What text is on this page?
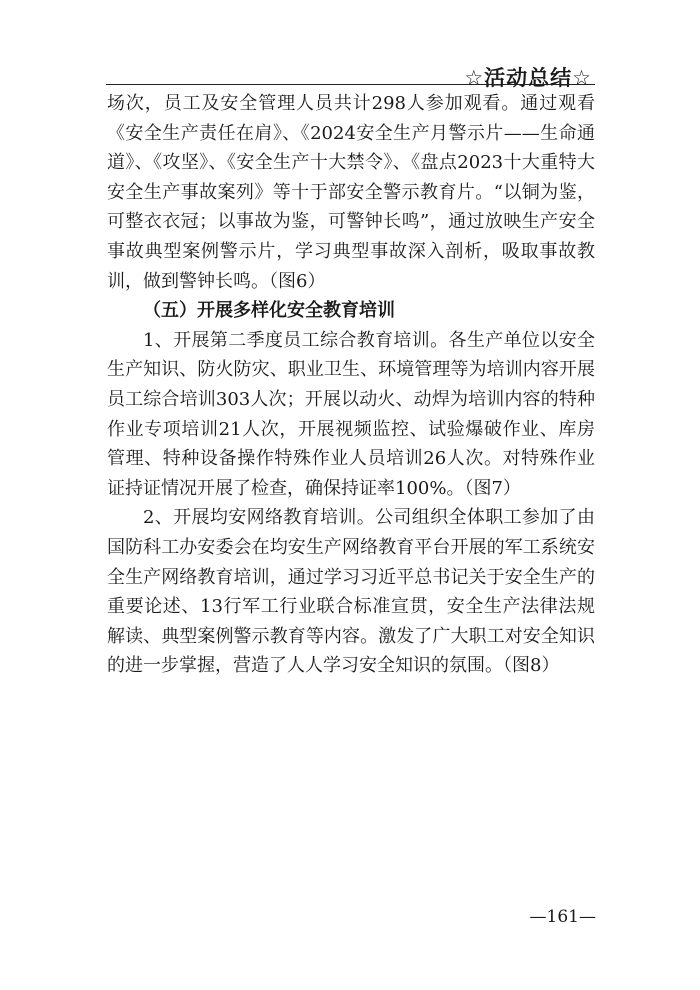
☆活动总结☆

场次，员工及安全管理人员共计298人参加观看。通过观看《安全生产责任在肩》、《2024安全生产月警示片——生命通道》、《攻坚》、《安全生产十大禁令》、《盘点2023十大重特大安全生产事故案列》等十于部安全警示教育片。“以铜为鉴，可整衣衣冠；以事故为鉴，可警钟长鸣”，通过放映生产安全事故典型案例警示片，学习典型事故深入剖析，吸取事故教训，做到警钟长鸣。（图6）

（五）开展多样化安全教育培训

1、开展第二季度员工综合教育培训。各生产单位以安全生产知识、防火防灾、职业卫生、环境管理等为培训内容开展员工综合培训303人次；开展以动火、动焊为培训内容的特种作业专项培训21人次，开展视频监控、试验爆破作业、库房管理、特种设备操作特殊作业人员培训26人次。对特殊作业证持证情况开展了检查，确保持证率100%。（图7）

2、开展均安网络教育培训。公司组织全体职工参加了由国防科工办安委会在均安生产网络教育平台开展的军工系统安全生产网络教育培训，通过学习习近平总书记关于安全生产的重要论述、13行军工行业联合标准宣贯，安全生产法律法规解读、典型案例警示教育等内容。激发了广大职工对安全知识的进一步掌握，营造了人人学习安全知识的氛围。（图8）

—161—
